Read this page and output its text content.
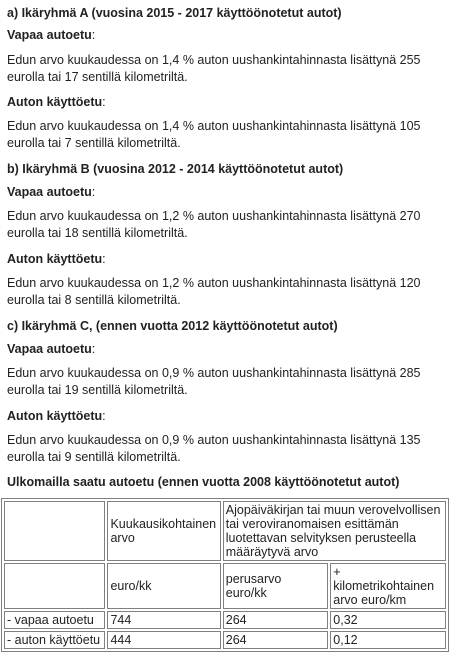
a) Ikäryhmä A (vuosina 2015 - 2017 käyttöönotetut autot)

Vapaa autoetu:

Edun arvo kuukaudessa on 1,4 % auton uushankintahinnasta lisättynä 255
eurolla tai 17 sentillä kilometriltä.

Auton käyttöetu:

Edun arvo kuukaudessa on 1,4 % auton uushankintahinnasta lisättynä 105
eurolla tai 7 sentillä kilometriltä.

b) Ikäryhmä B (vuosina 2012 - 2014 käyttöönotetut autot)

Vapaa autoetu:

Edun arvo kuukaudessa on 1,2 % auton uushankintahinnasta lisättynä 270
eurolla tai 18 sentillä kilometriltä.

Auton käyttöetu:

Edun arvo kuukaudessa on 1,2 % auton uushankintahinnasta lisättynä 120
eurolla tai 8 sentillä kilometriltä.

c) Ikäryhmä C, (ennen vuotta 2012 käyttöönotetut autot)

Vapaa autoetu:

Edun arvo kuukaudessa on 0,9 % auton uushankintahinnasta lisättynä 285
eurolla tai 19 sentillä kilometriltä.

Auton käyttöetu:

Edun arvo kuukaudessa on 0,9 % auton uushankintahinnasta lisättynä 135
eurolla tai 9 sentillä kilometriltä.

Ulkomailla saatu autoetu (ennen vuotta 2008 käyttöönotetut autot)
	Kuukausikohtainen arvo	Ajopäiväkirjan tai muun verovelvollisen tai veroviranomaisen esittämän luotettavan selvityksen perusteella määräytyvä arvo	
	euro/kk	perusarvo euro/kk	+ kilometrikohtainen arvo euro/km
- vapaa autoetu	744	264	0,32
- auton käyttöetu	444	264	0,12
